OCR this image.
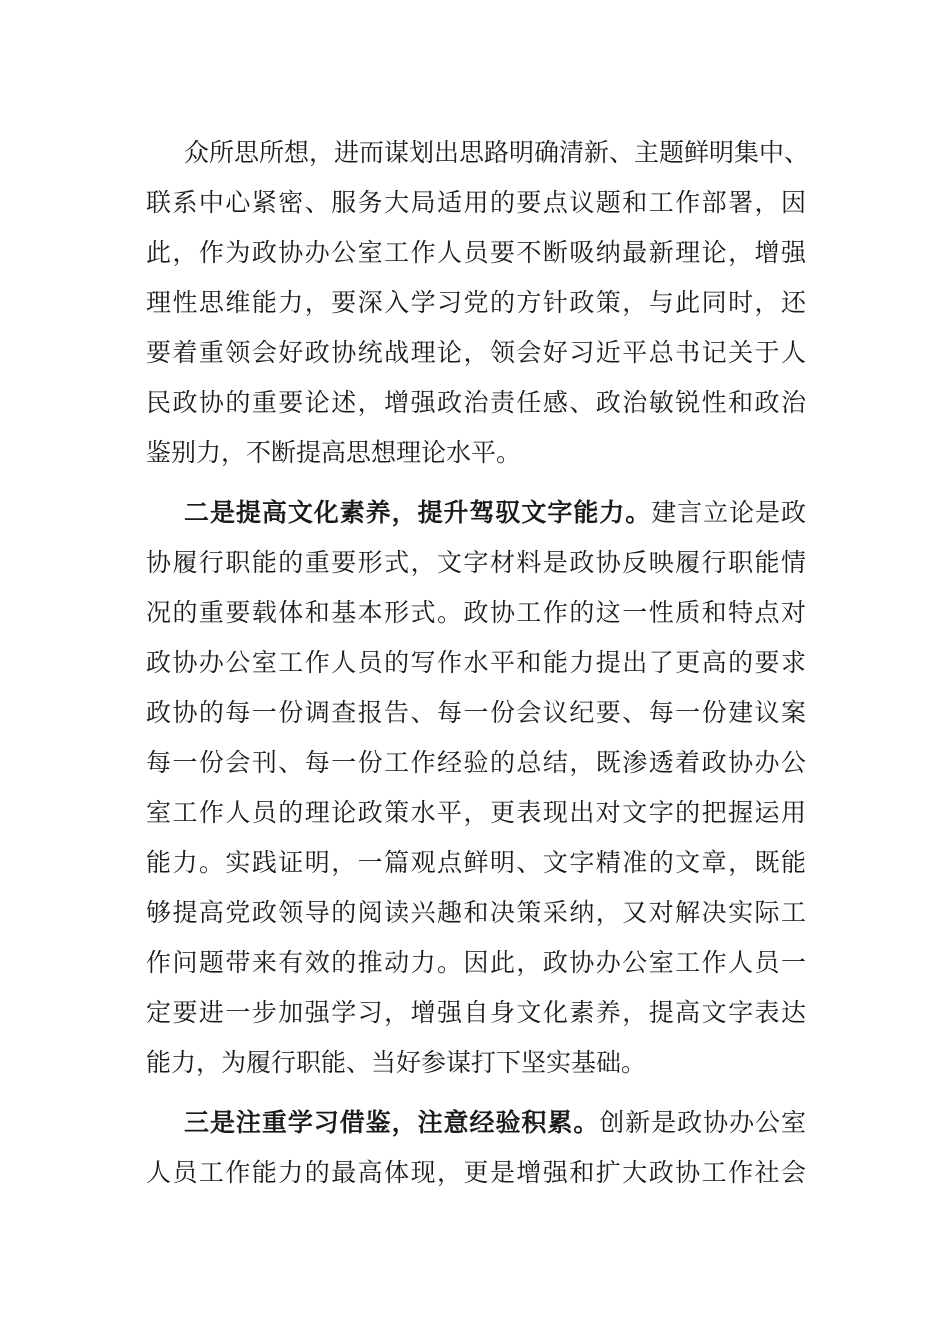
众所思所想，进而谋划出思路明确清新、主题鲜明集中、
联系中心紧密、服务大局适用的要点议题和工作部署，因
此，作为政协办公室工作人员要不断吸纳最新理论，增强
理性思维能力，要深入学习党的方针政策，与此同时，还
要着重领会好政协统战理论，领会好习近平总书记关于人
民政协的重要论述，增强政治责任感、政治敏锐性和政治
鉴别力，不断提高思想理论水平。
二是提高文化素养，提升驾驭文字能力。建言立论是政
协履行职能的重要形式，文字材料是政协反映履行职能情
况的重要载体和基本形式。政协工作的这一性质和特点对
政协办公室工作人员的写作水平和能力提出了更高的要求
政协的每一份调查报告、每一份会议纪要、每一份建议案
每一份会刊、每一份工作经验的总结，既渗透着政协办公
室工作人员的理论政策水平，更表现出对文字的把握运用
能力。实践证明，一篇观点鲜明、文字精准的文章，既能
够提高党政领导的阅读兴趣和决策采纳，又对解决实际工
作问题带来有效的推动力。因此，政协办公室工作人员一
定要进一步加强学习，增强自身文化素养，提高文字表达
能力，为履行职能、当好参谋打下坚实基础。
三是注重学习借鉴，注意经验积累。创新是政协办公室
人员工作能力的最高体现，更是增强和扩大政协工作社会
